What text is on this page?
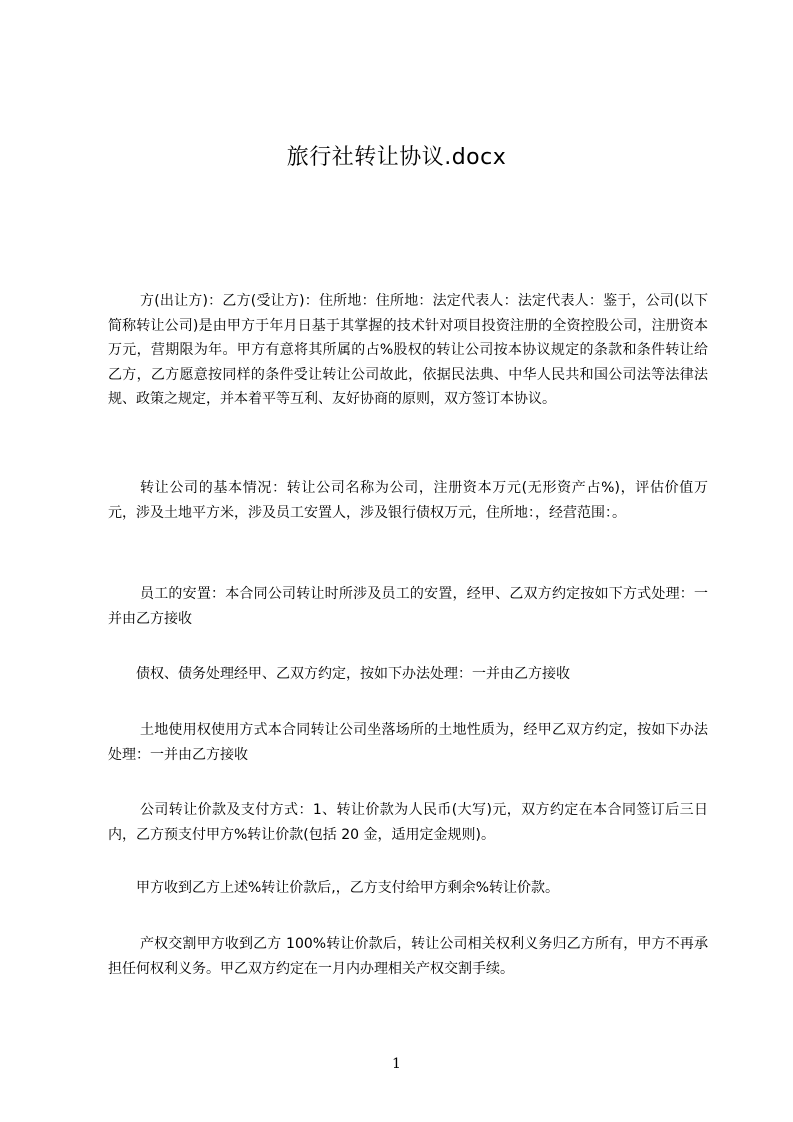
旅行社转让协议.docx

方(出让方)：乙方(受让方)：住所地：住所地：法定代表人：法定代表人：鉴于，公司(以下简称转让公司)是由甲方于年月日基于其掌握的技术针对项目投资注册的全资控股公司，注册资本万元，营期限为年。甲方有意将其所属的占%股权的转让公司按本协议规定的条款和条件转让给乙方，乙方愿意按同样的条件受让转让公司故此，依据民法典、中华人民共和国公司法等法律法规、政策之规定，并本着平等互利、友好协商的原则，双方签订本协议。

转让公司的基本情况：转让公司名称为公司，注册资本万元(无形资产占%)，评估价值万元，涉及土地平方米，涉及员工安置人，涉及银行债权万元，住所地：，经营范围：。

员工的安置：本合同公司转让时所涉及员工的安置，经甲、乙双方约定按如下方式处理：一并由乙方接收

债权、债务处理经甲、乙双方约定，按如下办法处理：一并由乙方接收

土地使用权使用方式本合同转让公司坐落场所的土地性质为，经甲乙双方约定，按如下办法处理：一并由乙方接收

公司转让价款及支付方式：1、转让价款为人民币(大写)元，双方约定在本合同签订后三日内，乙方预支付甲方%转让价款(包括 20 金，适用定金规则)。

甲方收到乙方上述%转让价款后,，乙方支付给甲方剩余%转让价款。

产权交割甲方收到乙方 100%转让价款后，转让公司相关权利义务归乙方所有，甲方不再承担任何权利义务。甲乙双方约定在一月内办理相关产权交割手续。

1
